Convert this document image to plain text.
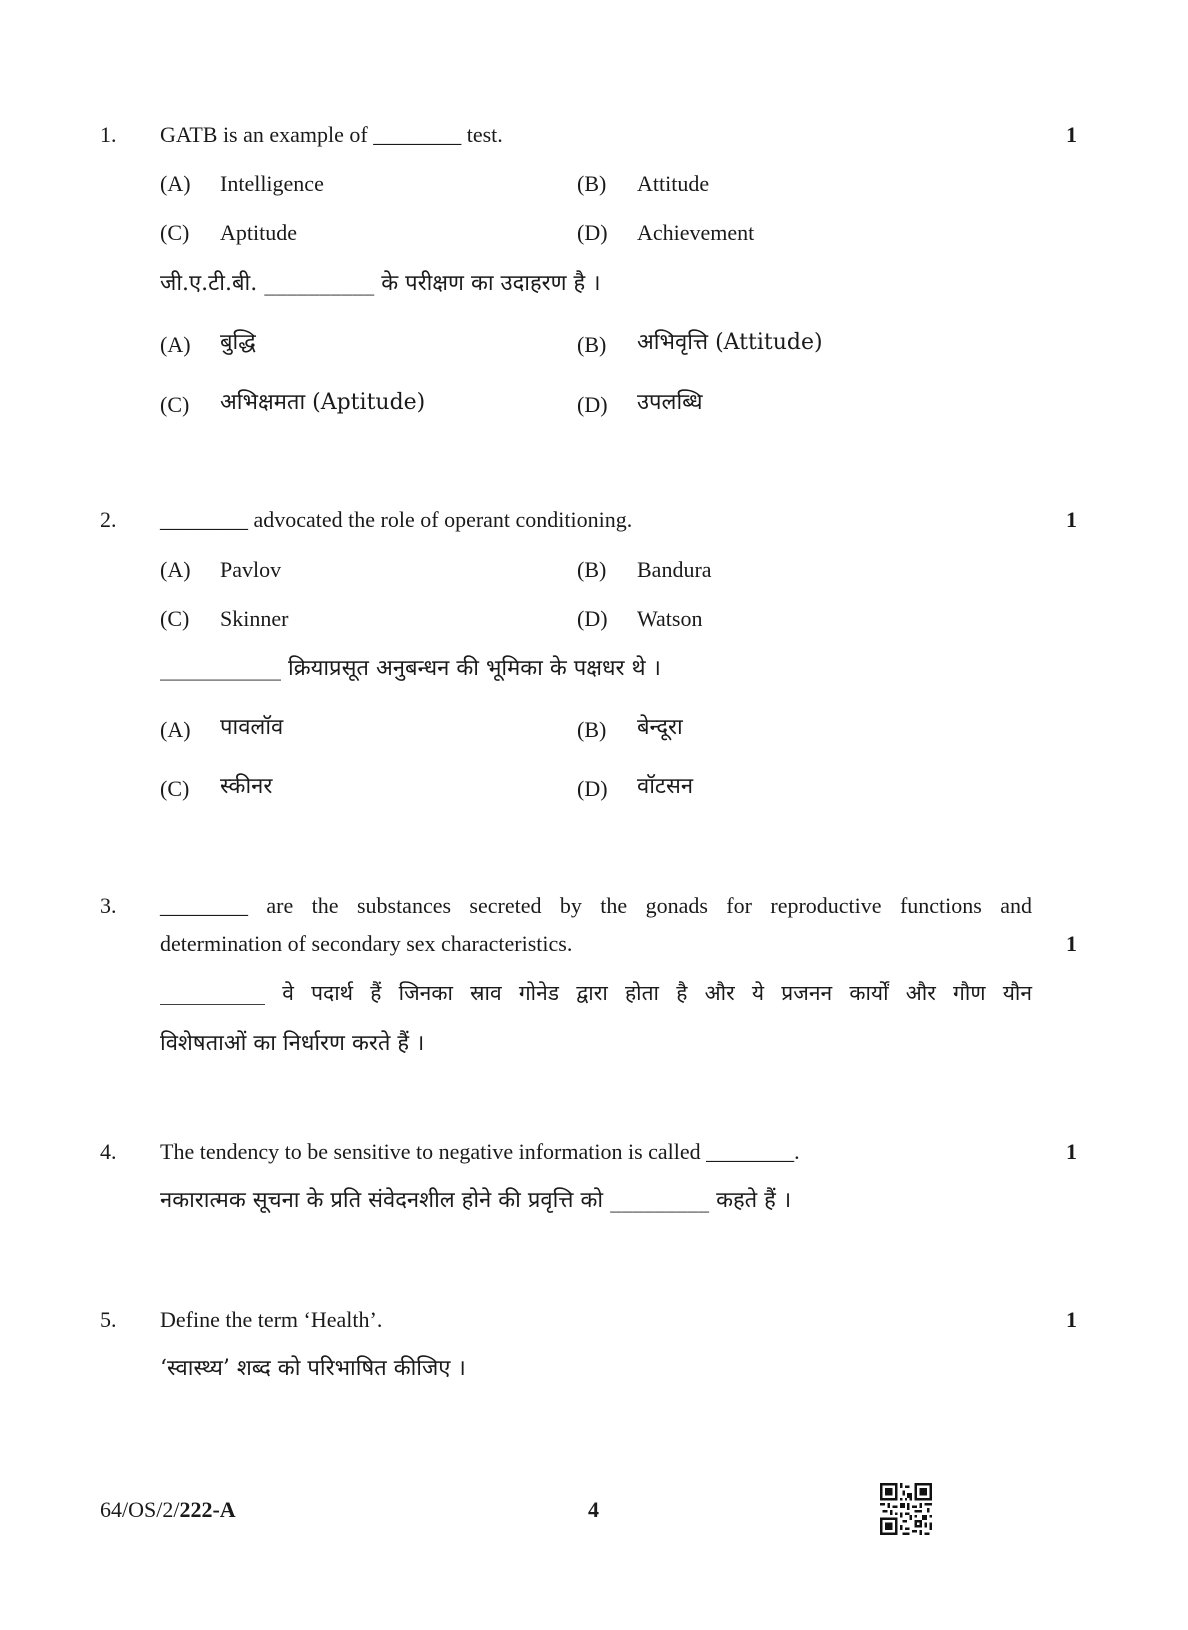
1. GATB is an example of ________ test.	1
(A) Intelligence	(B) Attitude
(C) Aptitude	(D) Achievement
जी.ए.टी.बी. __________ के परीक्षण का उदाहरण है ।
(A) बुद्धि	(B) अभिवृत्ति (Attitude)
(C) अभिक्षमता (Aptitude)	(D) उपलब्धि
2. ________ advocated the role of operant conditioning.	1
(A) Pavlov	(B) Bandura
(C) Skinner	(D) Watson
___________ क्रियाप्रसूत अनुबन्धन की भूमिका के पक्षधर थे ।
(A) पावलॉव	(B) बेन्दूरा
(C) स्कीनर	(D) वॉटसन
3. ________ are the substances secreted by the gonads for reproductive functions and
determination of secondary sex characteristics.	1
__________ वे पदार्थ हैं जिनका स्राव गोनेड द्वारा होता है और ये प्रजनन कार्यों और गौण यौन
विशेषताओं का निर्धारण करते हैं ।
4. The tendency to be sensitive to negative information is called ________.	1
नकारात्मक सूचना के प्रति संवेदनशील होने की प्रवृत्ति को _________ कहते हैं ।
5. Define the term ‘Health’.	1
‘स्वास्थ्य’ शब्द को परिभाषित कीजिए ।
64/OS/2/222-A	4
